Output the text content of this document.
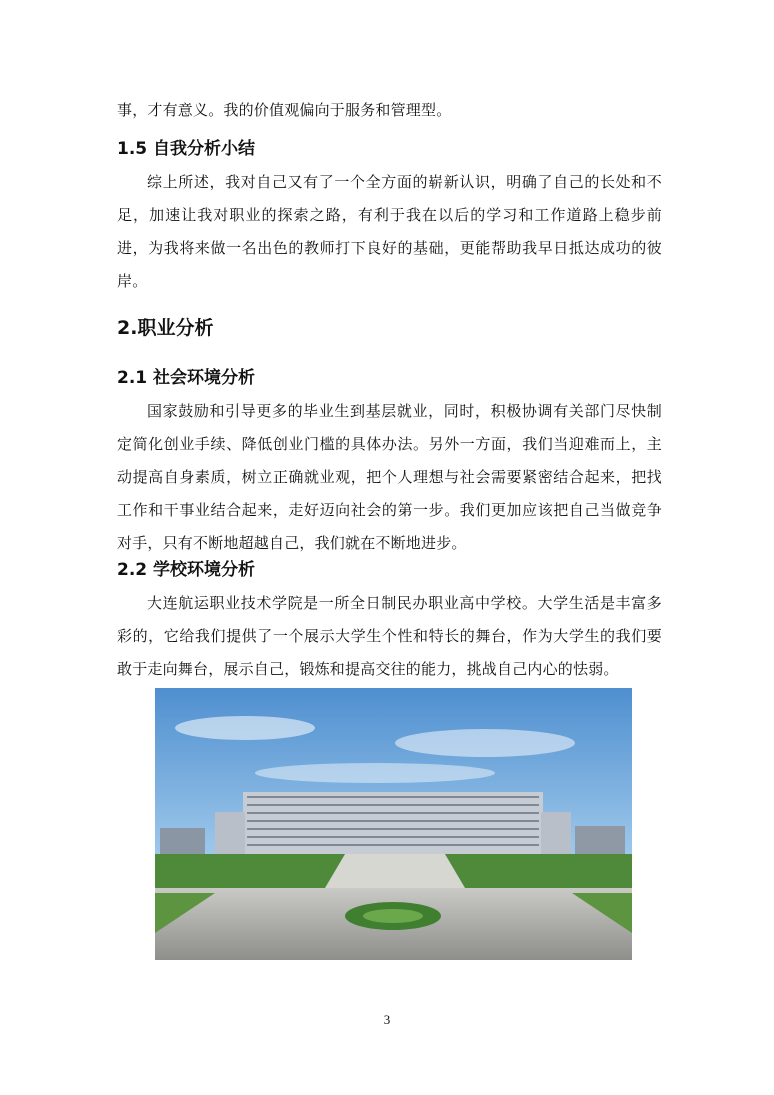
事，才有意义。我的价值观偏向于服务和管理型。

1.5 自我分析小结

综上所述，我对自己又有了一个全方面的崭新认识，明确了自己的长处和不足，加速让我对职业的探索之路，有利于我在以后的学习和工作道路上稳步前进，为我将来做一名出色的教师打下良好的基础，更能帮助我早日抵达成功的彼岸。

2.职业分析
2.1 社会环境分析

国家鼓励和引导更多的毕业生到基层就业，同时，积极协调有关部门尽快制定简化创业手续、降低创业门槛的具体办法。另外一方面，我们当迎难而上，主动提高自身素质，树立正确就业观，把个人理想与社会需要紧密结合起来，把找工作和干事业结合起来，走好迈向社会的第一步。我们更加应该把自己当做竞争对手，只有不断地超越自己，我们就在不断地进步。

2.2 学校环境分析

大连航运职业技术学院是一所全日制民办职业高中学校。大学生活是丰富多彩的，它给我们提供了一个展示大学生个性和特长的舞台，作为大学生的我们要敢于走向舞台，展示自己，锻炼和提高交往的能力，挑战自己内心的怯弱。

3
